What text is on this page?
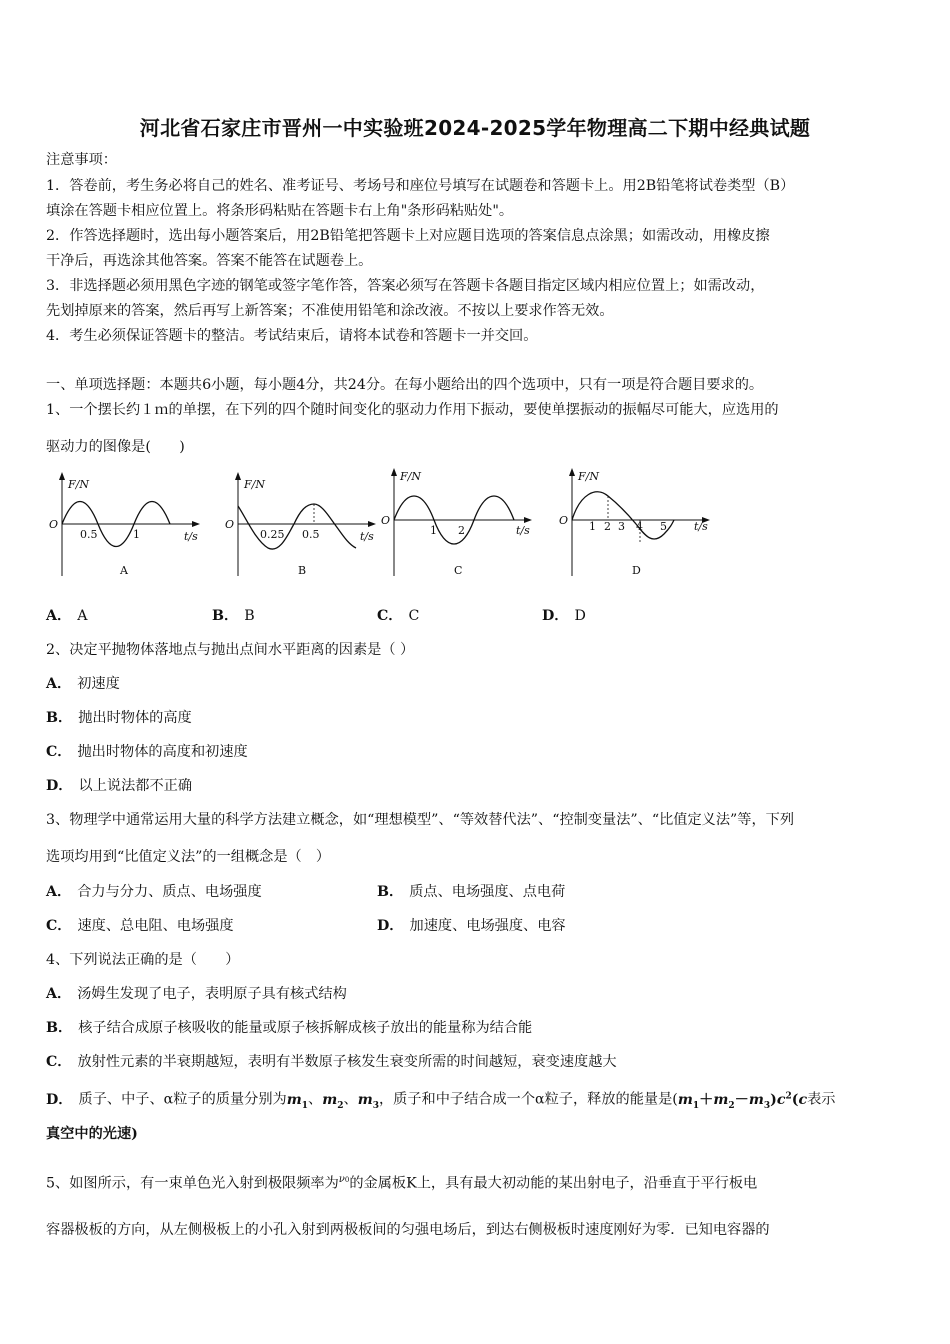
河北省石家庄市晋州一中实验班2024-2025学年物理高二下期中经典试题
注意事项：
1．答卷前，考生务必将自己的姓名、准考证号、考场号和座位号填写在试题卷和答题卡上。用2B铅笔将试卷类型（B）
填涂在答题卡相应位置上。将条形码粘贴在答题卡右上角"条形码粘贴处"。
2．作答选择题时，选出每小题答案后，用2B铅笔把答题卡上对应题目选项的答案信息点涂黑；如需改动，用橡皮擦
干净后，再选涂其他答案。答案不能答在试题卷上。
3．非选择题必须用黑色字迹的钢笔或签字笔作答，答案必须写在答题卡各题目指定区域内相应位置上；如需改动，
先划掉原来的答案，然后再写上新答案；不准使用铅笔和涂改液。不按以上要求作答无效。
4．考生必须保证答题卡的整洁。考试结束后，请将本试卷和答题卡一并交回。
一、单项选择题：本题共6小题，每小题4分，共24分。在每小题给出的四个选项中，只有一项是符合题目要求的。
1、一个摆长约１ｍ的单摆，在下列的四个随时间变化的驱动力作用下振动，要使单摆振动的振幅尽可能大，应选用的
驱动力的图像是(　　)
F/N
O
0.5	1	t/s
A
F/N
O
0.25 0.5	t/s
B
F/N
O
1 2	t/s
C
F/N
O 1 2 3 4 5 t/s
D
A． A	B． B	C． C	D． D
2、决定平抛物体落地点与抛出点间水平距离的因素是（ ）
A． 初速度
B． 抛出时物体的高度
C． 抛出时物体的高度和初速度
D． 以上说法都不正确
3、物理学中通常运用大量的科学方法建立概念，如“理想模型”、“等效替代法”、“控制变量法”、“比值定义法”等，下列
选项均用到“比值定义法”的一组概念是（　）
A． 合力与分力、质点、电场强度	B． 质点、电场强度、点电荷
C． 速度、总电阻、电场强度	D． 加速度、电场强度、电容
4、下列说法正确的是（　　）
A． 汤姆生发现了电子，表明原子具有核式结构
B． 核子结合成原子核吸收的能量或原子核拆解成核子放出的能量称为结合能
C． 放射性元素的半衰期越短，表明有半数原子核发生衰变所需的时间越短，衰变速度越大
D． 质子、中子、α粒子的质量分别为$m_1$、$m_2$、$m_3$，质子和中子结合成一个α粒子，释放的能量是$(m_1+m_2-m_3)c^2(c$表示
真空中的光速)
5、如图所示，有一束单色光入射到极限频率为$^{\nu 0}$的金属板K上，具有最大初动能的某出射电子，沿垂直于平行板电
容器极板的方向，从左侧极板上的小孔入射到两极板间的匀强电场后，到达右侧极板时速度刚好为零．已知电容器的
